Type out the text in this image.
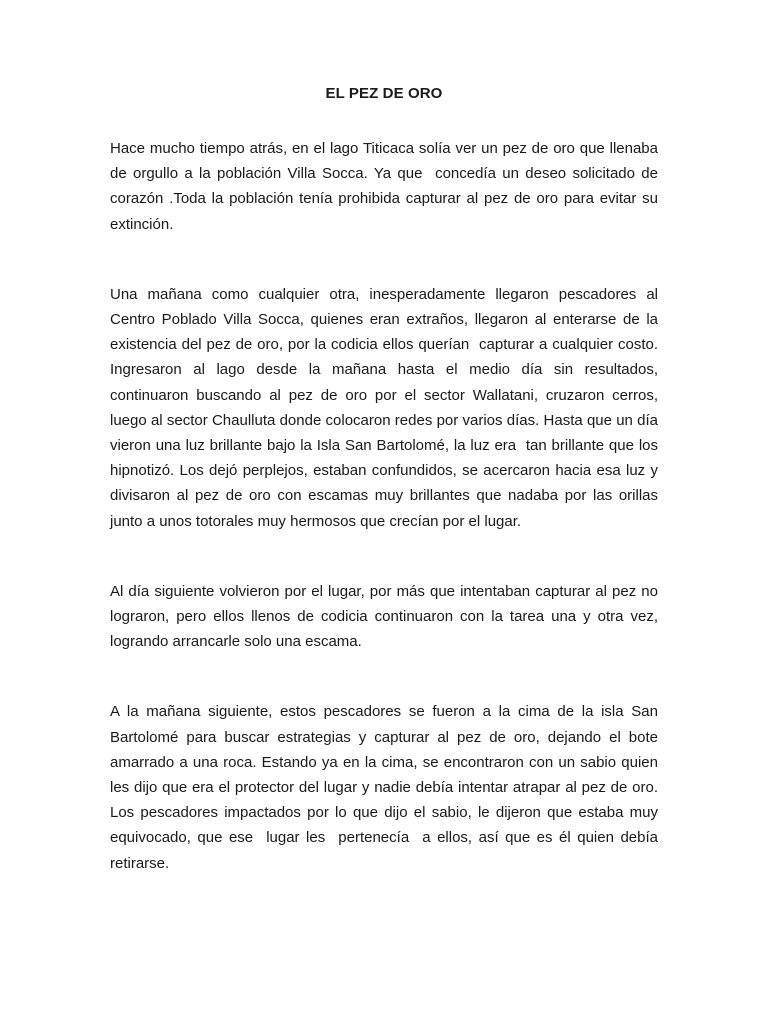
EL PEZ DE ORO

Hace mucho tiempo atrás, en el lago Titicaca solía ver un pez de oro que llenaba de orgullo a la población Villa Socca. Ya que  concedía un deseo solicitado de corazón .Toda la población tenía prohibida capturar al pez de oro para evitar su extinción.

Una mañana como cualquier otra, inesperadamente llegaron pescadores al Centro Poblado Villa Socca, quienes eran extraños, llegaron al enterarse de la existencia del pez de oro, por la codicia ellos querían  capturar a cualquier costo. Ingresaron al lago desde la mañana hasta el medio día sin resultados, continuaron buscando al pez de oro por el sector Wallatani, cruzaron cerros, luego al sector Chaulluta donde colocaron redes por varios días. Hasta que un día vieron una luz brillante bajo la Isla San Bartolomé, la luz era  tan brillante que los hipnotizó. Los dejó perplejos, estaban confundidos, se acercaron hacia esa luz y divisaron al pez de oro con escamas muy brillantes que nadaba por las orillas  junto a unos totorales muy hermosos que crecían por el lugar.

Al día siguiente volvieron por el lugar, por más que intentaban capturar al pez no lograron, pero ellos llenos de codicia continuaron con la tarea una y otra vez, logrando arrancarle solo una escama.

A la mañana siguiente, estos pescadores se fueron a la cima de la isla San Bartolomé para buscar estrategias y capturar al pez de oro, dejando el bote amarrado a una roca. Estando ya en la cima, se encontraron con un sabio quien les dijo que era el protector del lugar y nadie debía intentar atrapar al pez de oro. Los pescadores impactados por lo que dijo el sabio, le dijeron que estaba muy equivocado, que ese  lugar les  pertenecía  a ellos, así que es él quien debía retirarse.
